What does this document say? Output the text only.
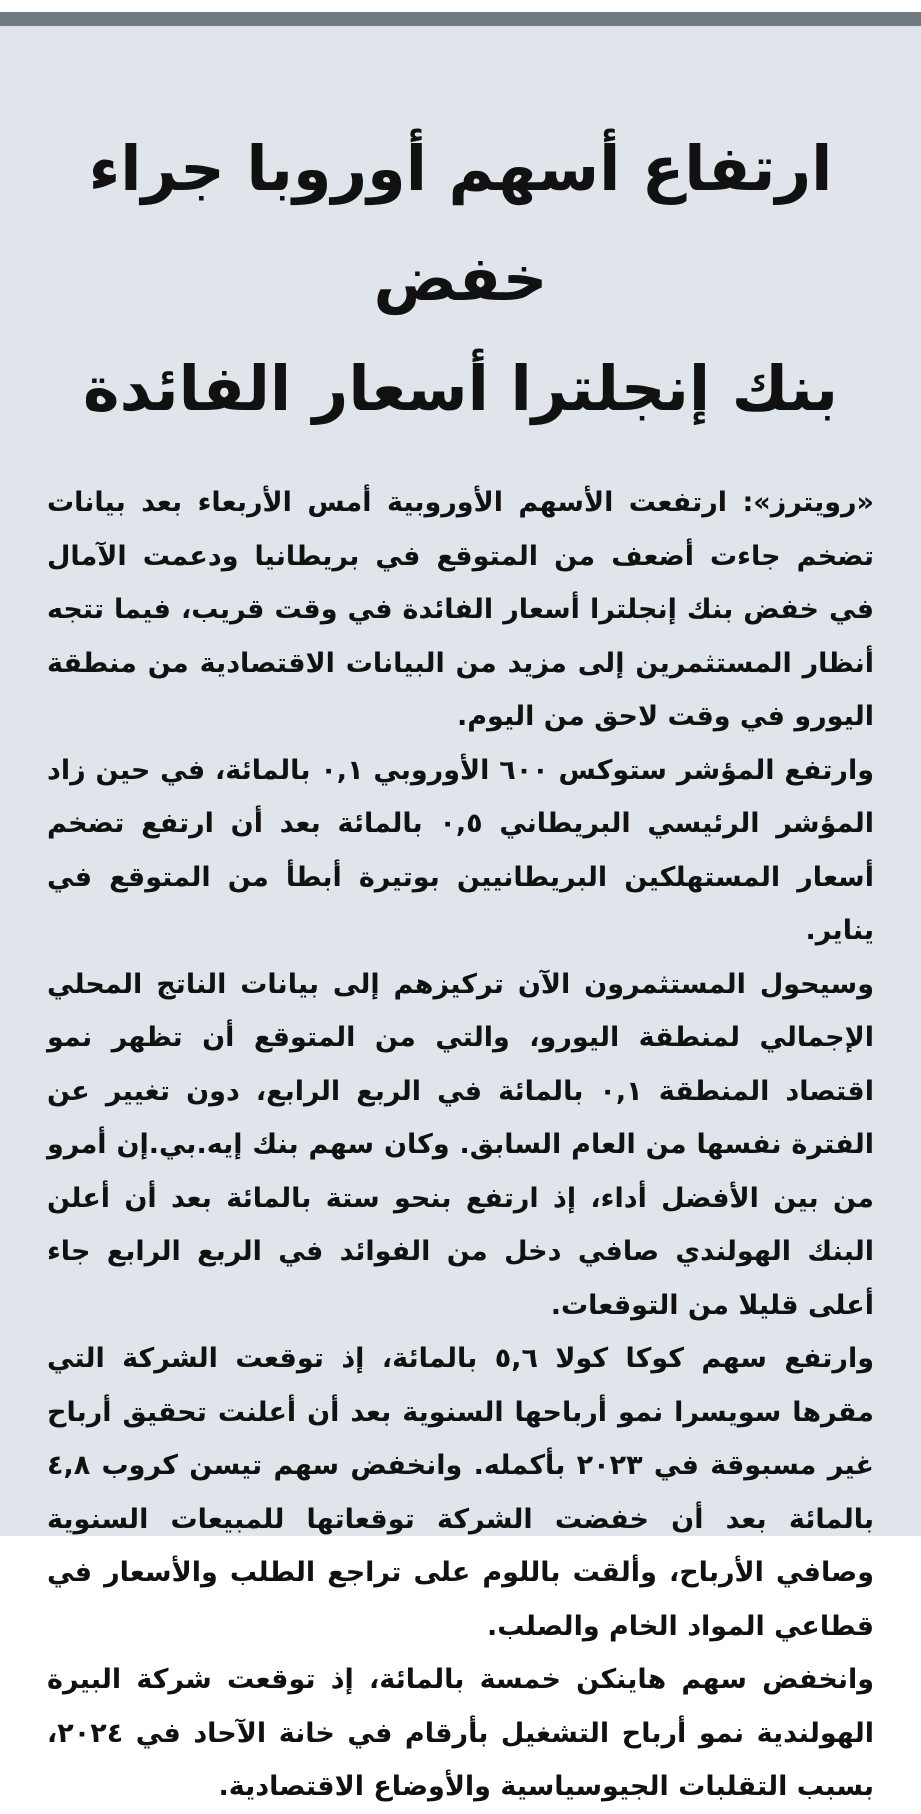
ارتفاع أسهم أوروبا جراء خفض
بنك إنجلترا أسعار الفائدة

«رويترز»: ارتفعت الأسهم الأوروبية أمس الأربعاء بعد بيانات تضخم جاءت أضعف من المتوقع في بريطانيا ودعمت الآمال في خفض بنك إنجلترا أسعار الفائدة في وقت قريب، فيما تتجه أنظار المستثمرين إلى مزيد من البيانات الاقتصادية من منطقة اليورو في وقت لاحق من اليوم.

وارتفع المؤشر ستوكس ٦٠٠ الأوروبي ٠,١ بالمائة، في حين زاد المؤشر الرئيسي البريطاني ٠,٥ بالمائة بعد أن ارتفع تضخم أسعار المستهلكين البريطانيين بوتيرة أبطأ من المتوقع في يناير.

وسيحول المستثمرون الآن تركيزهم إلى بيانات الناتج المحلي الإجمالي لمنطقة اليورو، والتي من المتوقع أن تظهر نمو اقتصاد المنطقة ٠,١ بالمائة في الربع الرابع، دون تغيير عن الفترة نفسها من العام السابق. وكان سهم بنك إيه.بي.إن أمرو من بين الأفضل أداء، إذ ارتفع بنحو ستة بالمائة بعد أن أعلن البنك الهولندي صافي دخل من الفوائد في الربع الرابع جاء أعلى قليلا من التوقعات.

وارتفع سهم كوكا كولا ٥,٦ بالمائة، إذ توقعت الشركة التي مقرها سويسرا نمو أرباحها السنوية بعد أن أعلنت تحقيق أرباح غير مسبوقة في ٢٠٢٣ بأكمله. وانخفض سهم تيسن كروب ٤,٨ بالمائة بعد أن خفضت الشركة توقعاتها للمبيعات السنوية وصافي الأرباح، وألقت باللوم على تراجع الطلب والأسعار في قطاعي المواد الخام والصلب.

وانخفض سهم هاينكن خمسة بالمائة، إذ توقعت شركة البيرة الهولندية نمو أرباح التشغيل بأرقام في خانة الآحاد في ٢٠٢٤، بسبب التقلبات الجيوسياسية والأوضاع الاقتصادية.
